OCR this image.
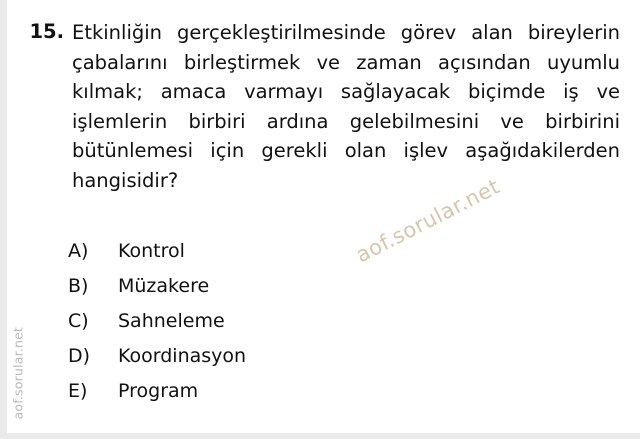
aof.sorular.net
15. Etkinliğin gerçekleştirilmesinde görev alan bireylerin çabalarını birleştirmek ve zaman açısından uyumlu kılmak; amaca varmayı sağlayacak biçimde iş ve işlemlerin birbiri ardına gelebilmesini ve birbirini bütünlemesi için gerekli olan işlev aşağıdakilerden hangisidir?
A)	Kontrol
B)	Müzakere
C)	Sahneleme
D)	Koordinasyon
E)	Program
aof.sorular.net
